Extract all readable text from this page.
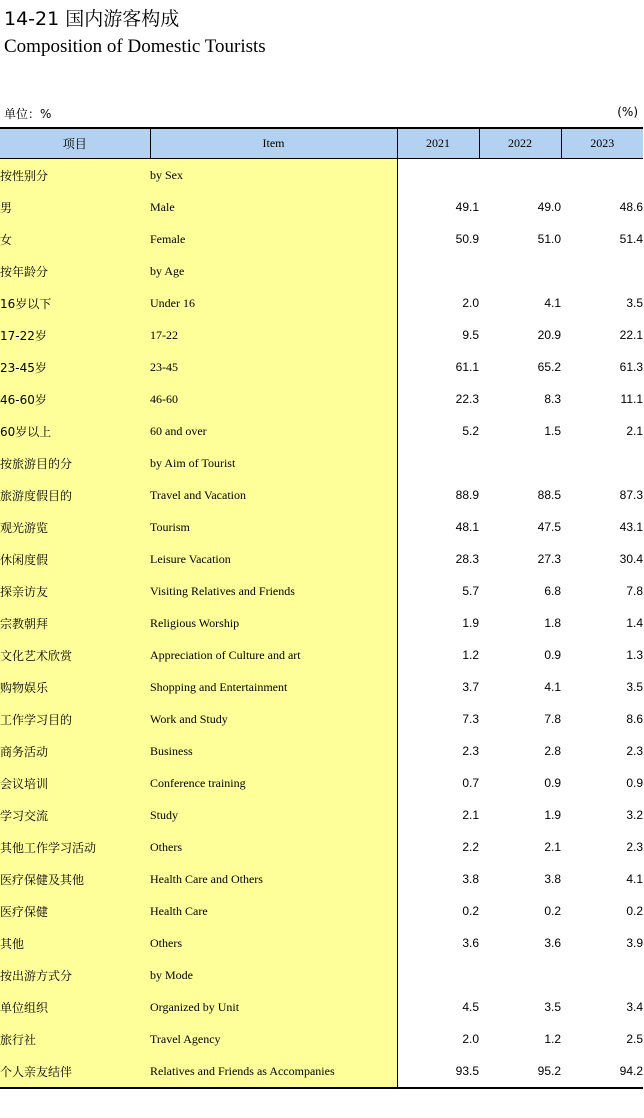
14-21 国内游客构成
Composition of Domestic Tourists
单位：%	(%)
项目	Item	2021	2022	2023
按性别分	by Sex			
男	Male	49.1	49.0	48.6
女	Female	50.9	51.0	51.4
按年龄分	by Age			
16岁以下	Under 16	2.0	4.1	3.5
17-22岁	17-22	9.5	20.9	22.1
23-45岁	23-45	61.1	65.2	61.3
46-60岁	46-60	22.3	8.3	11.1
60岁以上	60 and over	5.2	1.5	2.1
按旅游目的分	by Aim of Tourist			
旅游度假目的	Travel and Vacation	88.9	88.5	87.3
观光游览	Tourism	48.1	47.5	43.1
休闲度假	Leisure Vacation	28.3	27.3	30.4
探亲访友	Visiting Relatives and Friends	5.7	6.8	7.8
宗教朝拜	Religious Worship	1.9	1.8	1.4
文化艺术欣赏	Appreciation of Culture and art	1.2	0.9	1.3
购物娱乐	Shopping and Entertainment	3.7	4.1	3.5
工作学习目的	Work and Study	7.3	7.8	8.6
商务活动	Business	2.3	2.8	2.3
会议培训	Conference training	0.7	0.9	0.9
学习交流	Study	2.1	1.9	3.2
其他工作学习活动	Others	2.2	2.1	2.3
医疗保健及其他	Health Care and Others	3.8	3.8	4.1
医疗保健	Health Care	0.2	0.2	0.2
其他	Others	3.6	3.6	3.9
按出游方式分	by Mode			
单位组织	Organized by Unit	4.5	3.5	3.4
旅行社	Travel Agency	2.0	1.2	2.5
个人亲友结伴	Relatives and Friends as Accompanies	93.5	95.2	94.2
